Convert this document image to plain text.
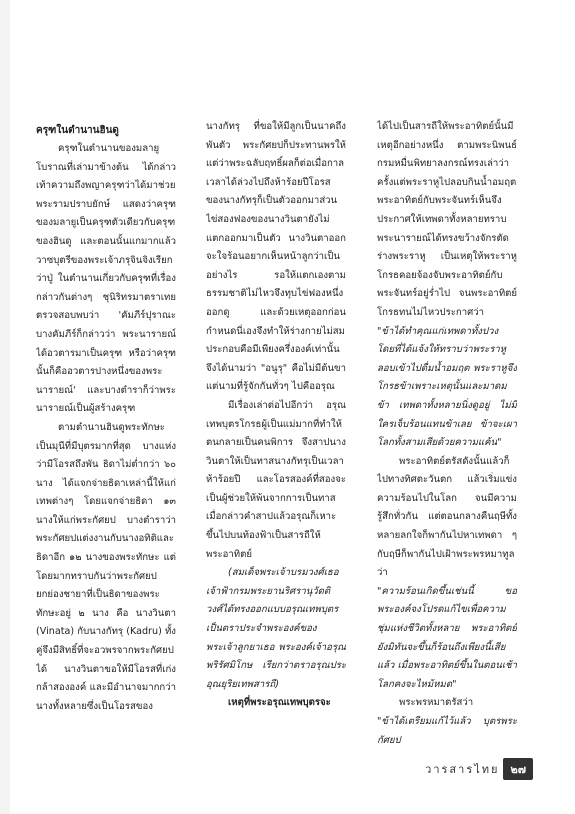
ครุฑในตำนานฮินดู

ครุฑในตำนานของมลายูโบราณที่เล่ามาข้างต้น ได้กล่าวเท้าความถึงพญาครุฑว่าได้มาช่วยพระรามปราบยักษ์ แสดงว่าครุฑของมลายูเป็นครุฑตัวเดียวกับครุฑของฮินดู และตอนนั้นแกมากแล้ว วาซบุตรีของพระเจ้าภรุจินจิงเรียกว่าปู่ ในตำนานเกี่ยวกับครุฑที่เรื่องกล่าวกันต่างๆ ชุนิริทรมาตราเทยตรวจสอบพบว่า 'คัมภีร์ปุราณะบางคัมภีร์ก็กล่าวว่า พระนารายณ์ได้อวตารมาเป็นครุฑ หรือว่าครุฑนั้นก็คืออวตารปางหนึ่งของพระนารายณ์' และบางตำราก็ว่าพระนารายณ์เป็นผู้สร้างครุฑ

ตามตำนานฮินดูพระทักษะเป็นมุนีที่มีบุตรมากที่สุด บางแห่งว่ามีโอรสถึงพัน ธิดาไม่ต่ำกว่า ๖๐ นาง ได้แจกจ่ายธิดาเหล่านี้ให้แก่เทพต่างๆ โดยแจกจ่ายธิดา ๑๓ นางให้แก่พระกัศยป บางตำราว่าพระกัศยปแต่งงานกับนางอทิติและธิดาอีก ๑๒ นางของพระทักษะ แต่โดยมากทราบกันว่าพระกัศยปยกย่องชายาที่เป็นธิดาของพระทักษะอยู่ ๒ นาง คือ นางวินตา (Vinata) กับนางกัทรุ (Kadru) ทั้งคู่จึงมีสิทธิ์ที่จะอวพรจากพระกัศยปได้ นางวินตาขอให้มีโอรสที่เก่งกล้าสององค์ และมีอำนาจมากกว่านางทั้งหลายซึ่งเป็นโอรสของ

นางกัทรุ ที่ขอให้มีลูกเป็นนาคถึงพันตัว พระกัศยปก็ประทานพรให้แต่ว่าพระฉลับฤทธิ์ผลก็ต่อเมื่อกาลเวลาได้ล่วงไปถึงห้าร้อยปีโอรสของนางกัทรุก็เป็นตัวออกมาส่วนไข่สองฟองของนางวินตายังไม่แตกออกมาเป็นตัว นางวินตาออกจะใจร้อนอยากเห็นหน้าลูกว่าเป็นอย่างไร รอให้แตกเองตามธรรมชาติไม่ไหวจึงทุบไข่ฟองหนึ่งออกดู และด้วยเหตุออกก่อนกำหนดนี่เองจึงทำให้ร่างกายไม่สมประกอบคือมีเพียงครึ่งองค์เท่านั้น จึงได้นามว่า "อนูรุ" คือไม่มีต้นขา แต่นามที่รู้จักกันทั่วๆ ไปคืออรุณ

มีเรื่องเล่าต่อไปอีกว่า อรุณเทพบุตรโกรธผู้เป็นแม่มากที่ทำให้ตนกลายเป็นคนพิการ จึงสาปนางวินตาให้เป็นทาสนางกัทรุเป็นเวลาห้าร้อยปี และโอรสองค์ที่สองจะเป็นผู้ช่วยให้พ้นจากการเป็นทาสเมื่อกล่าวคำสาปแล้วอรุณก็เหาะขึ้นไปบนท้องฟ้าเป็นสารถีให้พระอาทิตย์

(สมเด็จพระเจ้าบรมวงศ์เธอ เจ้าฟ้ากรมพระยานริศรานุวัดติวงศ์ได้ทรงออกแบบอรุณเทพบุตรเป็นตราประจำพระองค์ของพระเจ้าลูกยาเธอ พระองค์เจ้าอรุณพริรัศมิโกษ เรียกว่าตราอรุณประอุณยุริยเทพสารถี)

เหตุที่พระอรุณเทพบุตรจะ

ได้ไปเป็นสารถีให้พระอาทิตย์นั้นมีเหตุอีกอย่างหนึ่ง ตามพระนิพนธ์กรมหมื่นพิทยาลงกรณ์ทรงเล่าว่าครั้งแต่พระราหูไปลอบกินน้ำอมฤต พระอาทิตย์กับพระจันทร์เห็นจึงประกาศให้เทพดาทั้งหลายทราบพระนารายณ์ได้ทรงขว้างจักรตัดร่างพระราหู เป็นเหตุให้พระราหูโกรธคอยจ้องจับพระอาทิตย์กับพระจันทร์อยู่ร่ำไป จนพระอาทิตย์โกรธทนไม่ไหวประกาศว่า

"ข้าได้ทำคุณแก่เทพดาทั้งปวง โดยที่ได้แจ้งให้ทราบว่าพระราหูลอบเข้าไปดื่มน้ำอมฤต พระราหูจึงโกรธข้าเพราะเหตุนั้นและมาดมข้า เทพดาทั้งหลายนิ่งดูอยู่ ไม่มีใครเจ็บร้อนแทนข้าเลย ข้าจะเผาโลกทั้งสามเสียด้วยความแค้น"

พระอาทิตย์ตรัสดังนั้นแล้วก็ไปทางทิศตะวันตก แล้วเริ่มแข่งความร้อนไปในโลก จนมีความรู้สึกทั่วกัน แต่ตอนกลางคืนฤษีทั้งหลายลกใจก็พากันไปหาเทพดา ๆ กับฤษีก็พากันไปเฝ้าพระพรหมาทูลว่า

"ความร้อนเกิดขึ้นเช่นนี้ ขอพระองค์จงโปรดแก้ไขเพื่อความชุ่มแห่งชีวิตทั้งหลาย พระอาทิตย์ยังมิทันจะขึ้นก็ร้อนถึงเพียงนี้เสียแล้ว เมื่อพระอาทิตย์ขึ้นในตอนเช้า โลกคงจะไหม้หมด"

พระพรหมาตรัสว่า

"ข้าได้เตรียมแก้ไว้แล้ว บุตรพระกัศยป

วารสารไทย	๒๗
